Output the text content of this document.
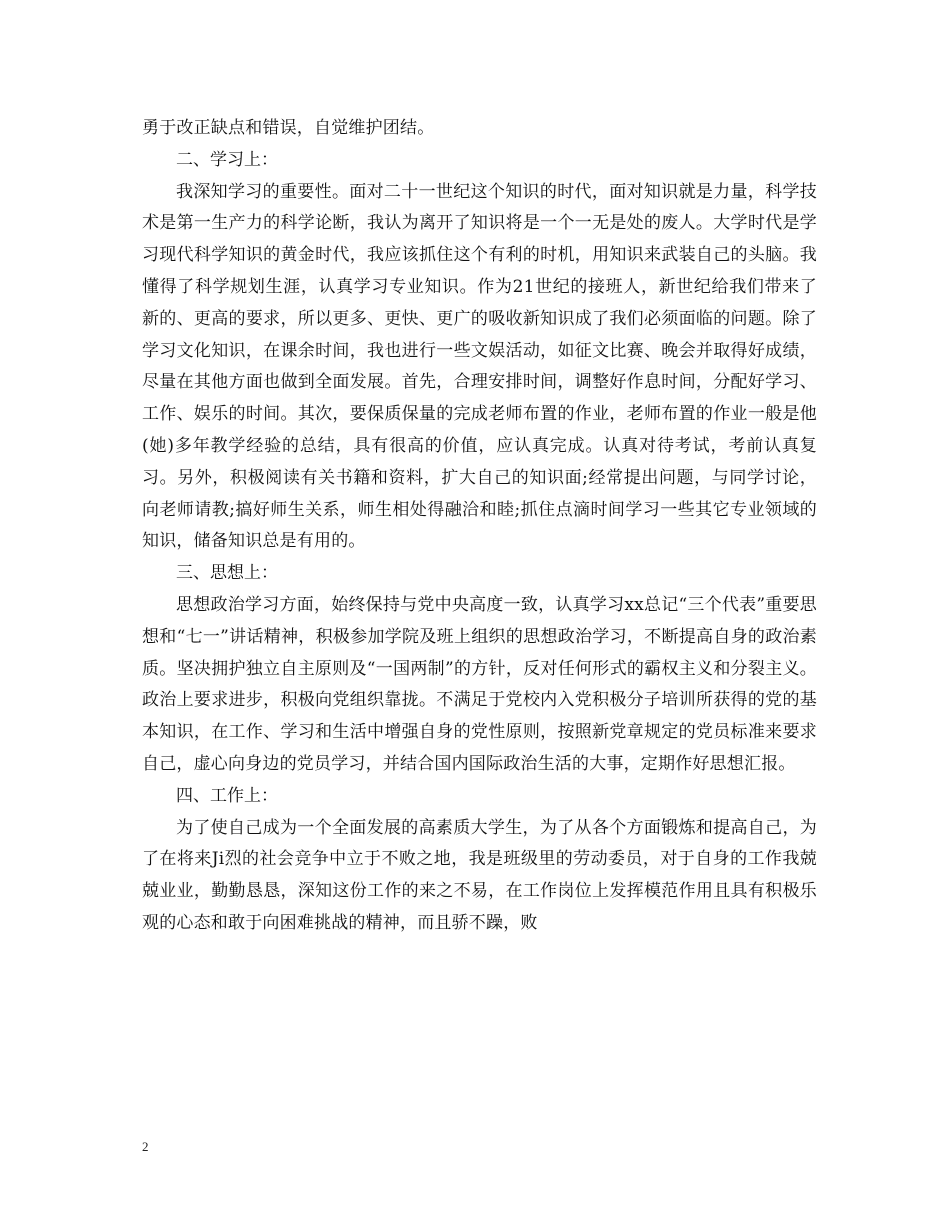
勇于改正缺点和错误，自觉维护团结。

二、学习上：

我深知学习的重要性。面对二十一世纪这个知识的时代，面对知识就是力量，科学技术是第一生产力的科学论断，我认为离开了知识将是一个一无是处的废人。大学时代是学习现代科学知识的黄金时代，我应该抓住这个有利的时机，用知识来武装自己的头脑。我懂得了科学规划生涯，认真学习专业知识。作为21世纪的接班人，新世纪给我们带来了新的、更高的要求，所以更多、更快、更广的吸收新知识成了我们必须面临的问题。除了学习文化知识，在课余时间，我也进行一些文娱活动，如征文比赛、晚会并取得好成绩，尽量在其他方面也做到全面发展。首先，合理安排时间，调整好作息时间，分配好学习、工作、娱乐的时间。其次，要保质保量的完成老师布置的作业，老师布置的作业一般是他(她)多年教学经验的总结，具有很高的价值，应认真完成。认真对待考试，考前认真复习。另外，积极阅读有关书籍和资料，扩大自己的知识面;经常提出问题，与同学讨论，向老师请教;搞好师生关系，师生相处得融洽和睦;抓住点滴时间学习一些其它专业领域的知识，储备知识总是有用的。

三、思想上：

思想政治学习方面，始终保持与党中央高度一致，认真学习xx总记“三个代表”重要思想和“七一”讲话精神，积极参加学院及班上组织的思想政治学习，不断提高自身的政治素质。坚决拥护独立自主原则及“一国两制”的方针，反对任何形式的霸权主义和分裂主义。政治上要求进步，积极向党组织靠拢。不满足于党校内入党积极分子培训所获得的党的基本知识，在工作、学习和生活中增强自身的党性原则，按照新党章规定的党员标准来要求自己，虚心向身边的党员学习，并结合国内国际政治生活的大事，定期作好思想汇报。

四、工作上：

为了使自己成为一个全面发展的高素质大学生，为了从各个方面锻炼和提高自己，为了在将来Ji烈的社会竞争中立于不败之地，我是班级里的劳动委员，对于自身的工作我兢兢业业，勤勤恳恳，深知这份工作的来之不易，在工作岗位上发挥模范作用且具有积极乐观的心态和敢于向困难挑战的精神，而且骄不躁，败

2
